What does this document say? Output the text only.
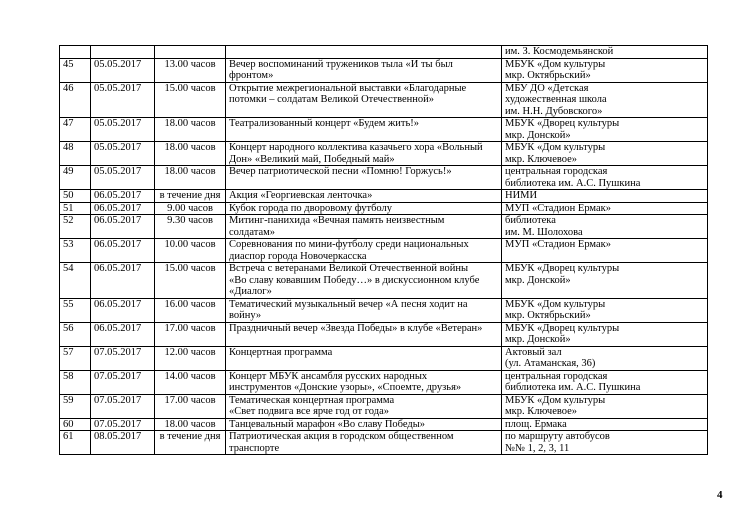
				им. З. Космодемьянской

45	05.05.2017	13.00 часов	Вечер воспоминаний тружеников тыла «И ты был
фронтом»	МБУК «Дом культуры
мкр. Октябрьский»

46	05.05.2017	15.00 часов	Открытие межрегиональной выставки «Благодарные
потомки – солдатам Великой Отечественной»	МБУ ДО «Детская
художественная школа
им. Н.Н. Дубовского»

47	05.05.2017	18.00 часов	Театрализованный концерт «Будем жить!»	МБУК «Дворец культуры
мкр. Донской»

48	05.05.2017	18.00 часов	Концерт народного коллектива казачьего хора «Вольный
Дон» «Великий май, Победный май»	МБУК «Дом культуры
мкр. Ключевое»

49	05.05.2017	18.00 часов	Вечер патриотической песни «Помню! Горжусь!»	центральная городская
библиотека им. А.С. Пушкина

50	06.05.2017	в течение дня	Акция «Георгиевская ленточка»	НИМИ

51	06.05.2017	9.00 часов	Кубок города по дворовому футболу	МУП «Стадион Ермак»

52	06.05.2017	9.30 часов	Митинг-панихида «Вечная память неизвестным
солдатам»	библиотека
им. М. Шолохова

53	06.05.2017	10.00 часов	Соревнования по мини-футболу среди национальных
диаспор города Новочеркасска	МУП «Стадион Ермак»

54	06.05.2017	15.00 часов	Встреча с ветеранами Великой Отечественной войны
«Во славу ковавшим Победу…» в дискуссионном клубе
«Диалог»	МБУК «Дворец культуры
мкр. Донской»

55	06.05.2017	16.00 часов	Тематический музыкальный вечер «А песня ходит на
войну»	МБУК «Дом культуры
мкр. Октябрьский»

56	06.05.2017	17.00 часов	Праздничный вечер «Звезда Победы» в клубе «Ветеран»	МБУК «Дворец культуры
мкр. Донской»

57	07.05.2017	12.00 часов	Концертная программа	Актовый зал
(ул. Атаманская, 36)

58	07.05.2017	14.00 часов	Концерт МБУК ансамбля русских народных
инструментов «Донские узоры», «Споемте, друзья»	центральная городская
библиотека им. А.С. Пушкина

59	07.05.2017	17.00 часов	Тематическая концертная программа
«Свет подвига все ярче год от года»	МБУК «Дом культуры
мкр. Ключевое»

60	07.05.2017	18.00 часов	Танцевальный марафон «Во славу Победы»	площ. Ермака

61	08.05.2017	в течение дня	Патриотическая акция в городском общественном
транспорте	по маршруту автобусов
№№ 1, 2, 3, 11
4
